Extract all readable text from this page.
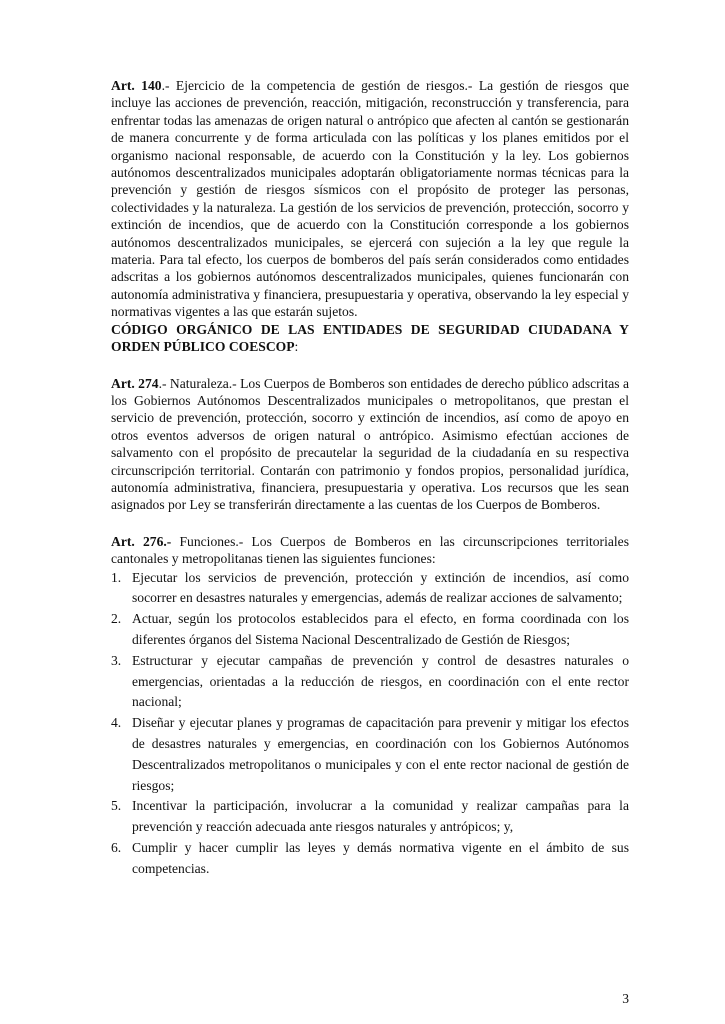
Art. 140.- Ejercicio de la competencia de gestión de riesgos.- La gestión de riesgos que incluye las acciones de prevención, reacción, mitigación, reconstrucción y transferencia, para enfrentar todas las amenazas de origen natural o antrópico que afecten al cantón se gestionarán de manera concurrente y de forma articulada con las políticas y los planes emitidos por el organismo nacional responsable, de acuerdo con la Constitución y la ley. Los gobiernos autónomos descentralizados municipales adoptarán obligatoriamente normas técnicas para la prevención y gestión de riesgos sísmicos con el propósito de proteger las personas, colectividades y la naturaleza. La gestión de los servicios de prevención, protección, socorro y extinción de incendios, que de acuerdo con la Constitución corresponde a los gobiernos autónomos descentralizados municipales, se ejercerá con sujeción a la ley que regule la materia. Para tal efecto, los cuerpos de bomberos del país serán considerados como entidades adscritas a los gobiernos autónomos descentralizados municipales, quienes funcionarán con autonomía administrativa y financiera, presupuestaria y operativa, observando la ley especial y normativas vigentes a las que estarán sujetos.

CÓDIGO ORGÁNICO DE LAS ENTIDADES DE SEGURIDAD CIUDADANA Y ORDEN PÚBLICO COESCOP:

Art. 274.- Naturaleza.- Los Cuerpos de Bomberos son entidades de derecho público adscritas a los Gobiernos Autónomos Descentralizados municipales o metropolitanos, que prestan el servicio de prevención, protección, socorro y extinción de incendios, así como de apoyo en otros eventos adversos de origen natural o antrópico. Asimismo efectúan acciones de salvamento con el propósito de precautelar la seguridad de la ciudadanía en su respectiva circunscripción territorial. Contarán con patrimonio y fondos propios, personalidad jurídica, autonomía administrativa, financiera, presupuestaria y operativa. Los recursos que les sean asignados por Ley se transferirán directamente a las cuentas de los Cuerpos de Bomberos.

Art. 276.- Funciones.- Los Cuerpos de Bomberos en las circunscripciones territoriales cantonales y metropolitanas tienen las siguientes funciones:

1. Ejecutar los servicios de prevención, protección y extinción de incendios, así como socorrer en desastres naturales y emergencias, además de realizar acciones de salvamento;
2. Actuar, según los protocolos establecidos para el efecto, en forma coordinada con los diferentes órganos del Sistema Nacional Descentralizado de Gestión de Riesgos;
3. Estructurar y ejecutar campañas de prevención y control de desastres naturales o emergencias, orientadas a la reducción de riesgos, en coordinación con el ente rector nacional;
4. Diseñar y ejecutar planes y programas de capacitación para prevenir y mitigar los efectos de desastres naturales y emergencias, en coordinación con los Gobiernos Autónomos Descentralizados metropolitanos o municipales y con el ente rector nacional de gestión de riesgos;
5. Incentivar la participación, involucrar a la comunidad y realizar campañas para la prevención y reacción adecuada ante riesgos naturales y antrópicos; y,
6. Cumplir y hacer cumplir las leyes y demás normativa vigente en el ámbito de sus competencias.
3
